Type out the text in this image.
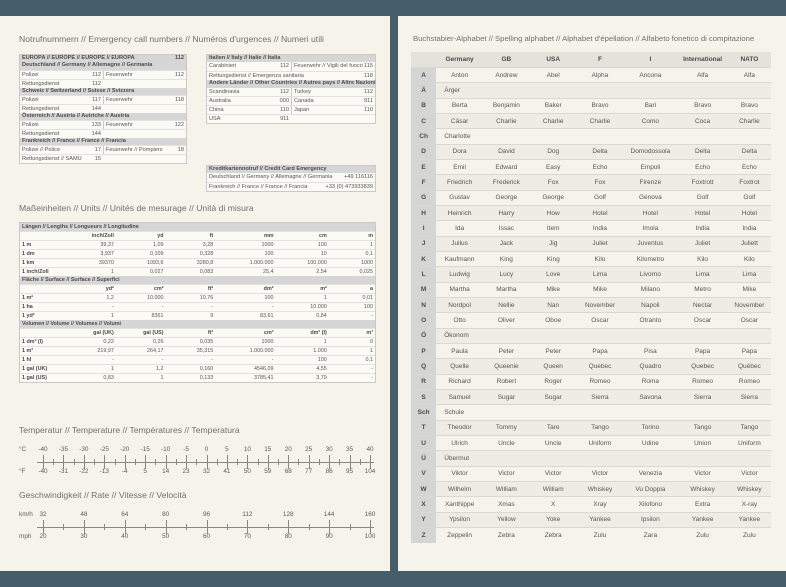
Notrufnummern // Emergency call numbers // Numéros d'urgences // Numeri utili
EUROPA // EUROPE // EUROPE // EUROPA	112
Deutschland // Germany // Allemagne // Germania
Polizei	112 Feuerwehr	112
Rettungsdienst	112
Schweiz // Switzerland // Suisse // Svizzera
Polizei	117 Feuerwehr	118
Rettungsdienst	144
Österreich // Austria // Autriche // Austria
Polizei	133 Feuerwehr	122
Rettungsdienst	144
Frankreich // France // France // Francia
Polizei // Police	17 Feuerwehr // Pompiers	18
Rettungsdienst // SAMU	15
Italien // Italy // Italie // Italia
Carabinieri	112 Feuerwehr // Vigili del fuoco 115
Rettungsdienst // Emergenza sanitaria	118
Andere Länder // Other Countries // Autres pays // Altre Nazioni
Scandinavia	112 Turkey	112
Australia	000 Canada	911
China	110 Japan	110
USA	911
Kreditkartennotruf // Credit Card Emergency
Deutschland // Germany // Allemagne // Germania	+49 116116
Frankreich // France // France // Francia	+33 (0) 473933839
Maßeinheiten // Units // Unités de mesurage // Unità di misura
Längen // Lengths // Longueurs // Longitudine						
	inch/Zoll	yd	ft	mm	cm	m
1 m	39,37	1,09	3,28	1000	100	1
1 dm	3,937	0,109	0,328	100	10	0,1
1 km	39370	1093,6	3280,8	1.000.000	100.000	1000
1 inch/Zoll	1	0,027	0,083	25,4	2,54	0,025
Fläche // Surface // Surface // Superfici						
	yd²	cm²	ft²	dm²	m²	a
1 m²	1,2	10.000	10,76	100	1	0,01
1 ha	-	-	-	-	10.000	100
1 yd²	1	8361	9	83,61	0,84	-
Volumen // Volume // Volumes // Volumi						
	gal (UK)	gal (US)	ft³	cm³	dm³ (l)	m³
1 dm³ (l)	0,22	0,26	0,035	1000	1	0
1 m³	219,97	264,17	35,315	1.000.000	1.000	1
1 hl	-	-	-	-	100	0,1
1 gal (UK)	1	1,2	0,160	4546,09	4,55	-
1 gal (US)	0,83	1	0,133	3785,41	3,79	-
Temperatur // Temperature // Températures // Temperatura
°C
°F
-40
-40
-35
-31
-30
-22
-25
-13
-20
-4
-15
5
-10
14
-5
23
0
32
5
41
10
50
15
59
20
68
25
77
30
86
35
95
40
104
Geschwindigkeit // Rate // Vitesse // Velocità
km/h
mph
32
20
48
30
64
40
80
50
96
60
112
70
128
80
144
90
160
100
Buchstabier-Alphabet // Spelling alphabet // Alphabet d'épellation // Alfabeto fonetico di compitazione
	Germany	GB	USA	F	I	International	NATO
A	Anton	Andrew	Abel	Alpha	Ancona	Alfa	Alfa
Ä	Ärger						
B	Berta	Benjamin	Baker	Bravo	Bari	Bravo	Bravo
C	Cäsar	Charlie	Charlie	Charlie	Como	Coca	Charlie
Ch	Charlotte						
D	Dora	David	Dog	Delta	Domodossola	Delta	Delta
E	Emil	Edward	Easy	Echo	Empoli	Echo	Echo
F	Friedrich	Frederick	Fox	Fox	Firenze	Foxtrott	Foxtrot
G	Gustav	George	George	Golf	Genova	Golf	Golf
H	Heinrich	Harry	How	Hotel	Hotel	Hotel	Hotel
I	Ida	Issac	Item	India	Imola	India	India
J	Julius	Jack	Jig	Juliet	Juventus	Juliet	Juliett
K	Kaufmann	King	King	Kilo	Kilometro	Kilo	Kilo
L	Ludwig	Lucy	Love	Lima	Livorno	Lima	Lima
M	Martha	Martha	Mike	Mike	Milano	Metro	Mike
N	Nordpol	Nellie	Nan	November	Napoli	Nectar	November
O	Otto	Oliver	Oboe	Oscar	Otranto	Oscar	Oscar
Ö	Ökonom						
P	Paula	Peter	Peter	Papa	Pisa	Papa	Papa
Q	Quelle	Queenie	Queen	Quebec	Quadro	Quebec	Québec
R	Richard	Robert	Roger	Romeo	Roma	Romeo	Romeo
S	Samuel	Sugar	Sugar	Sierra	Savona	Sierra	Sierra
Sch	Schule						
T	Theodor	Tommy	Tare	Tango	Torino	Tango	Tango
U	Ulrich	Uncle	Uncle	Uniform	Udine	Union	Uniform
Ü	Übermut						
V	Viktor	Victor	Victor	Victor	Venezia	Victor	Victor
W	Wilhelm	William	William	Whiskey	Vu Doppia	Whiskey	Whiskey
X	Xanthippe	Xmas	X	Xray	Xilofono	Extra	X-ray
Y	Ypsilon	Yellow	Yoke	Yankee	Ipsilon	Yankee	Yankee
Z	Zeppelin	Zebra	Zebra	Zulu	Zara	Zulu	Zulu
